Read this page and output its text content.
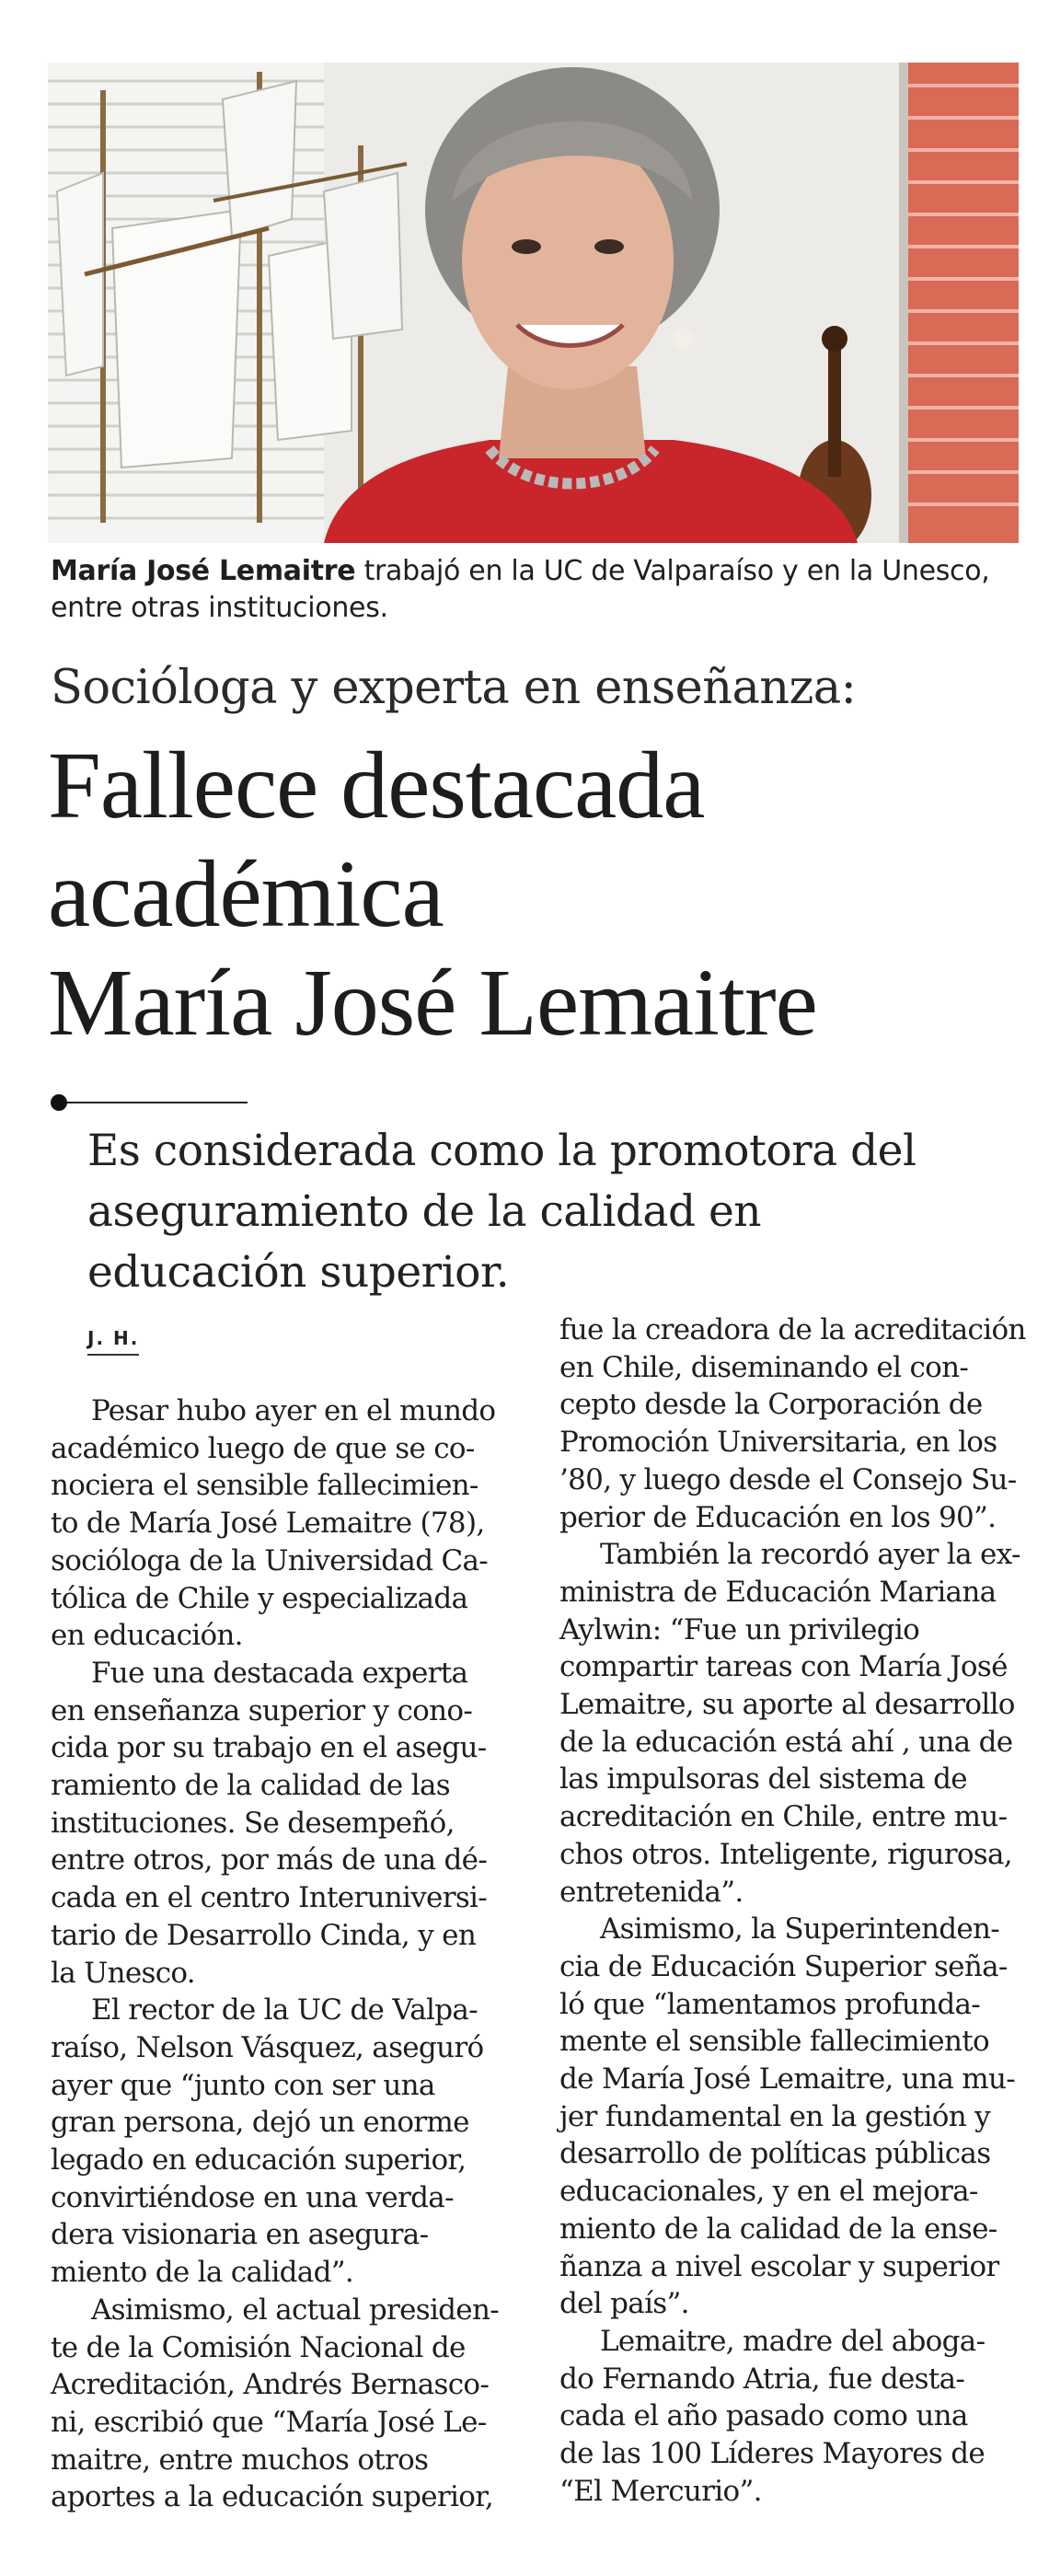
María José Lemaitre trabajó en la UC de Valparaíso y en la Unesco,
entre otras instituciones.
Socióloga y experta en enseñanza:
Fallece destacada
académica
María José Lemaitre
Es considerada como la promotora del
aseguramiento de la calidad en
educación superior.
J. H.
Pesar hubo ayer en el mundo
académico luego de que se co-
nociera el sensible fallecimien-
to de María José Lemaitre (78),
socióloga de la Universidad Ca-
tólica de Chile y especializada
en educación.
Fue una destacada experta
en enseñanza superior y cono-
cida por su trabajo en el asegu-
ramiento de la calidad de las
instituciones. Se desempeñó,
entre otros, por más de una dé-
cada en el centro Interuniversi-
tario de Desarrollo Cinda, y en
la Unesco.
El rector de la UC de Valpa-
raíso, Nelson Vásquez, aseguró
ayer que “junto con ser una
gran persona, dejó un enorme
legado en educación superior,
convirtiéndose en una verda-
dera visionaria en asegura-
miento de la calidad”.
Asimismo, el actual presiden-
te de la Comisión Nacional de
Acreditación, Andrés Bernasco-
ni, escribió que “María José Le-
maitre, entre muchos otros
aportes a la educación superior,
fue la creadora de la acreditación
en Chile, diseminando el con-
cepto desde la Corporación de
Promoción Universitaria, en los
’80, y luego desde el Consejo Su-
perior de Educación en los 90”.
También la recordó ayer la ex-
ministra de Educación Mariana
Aylwin: “Fue un privilegio
compartir tareas con María José
Lemaitre, su aporte al desarrollo
de la educación está ahí , una de
las impulsoras del sistema de
acreditación en Chile, entre mu-
chos otros. Inteligente, rigurosa,
entretenida”.
Asimismo, la Superintenden-
cia de Educación Superior seña-
ló que “lamentamos profunda-
mente el sensible fallecimiento
de María José Lemaitre, una mu-
jer fundamental en la gestión y
desarrollo de políticas públicas
educacionales, y en el mejora-
miento de la calidad de la ense-
ñanza a nivel escolar y superior
del país”.
Lemaitre, madre del aboga-
do Fernando Atria, fue desta-
cada el año pasado como una
de las 100 Líderes Mayores de
“El Mercurio”.
